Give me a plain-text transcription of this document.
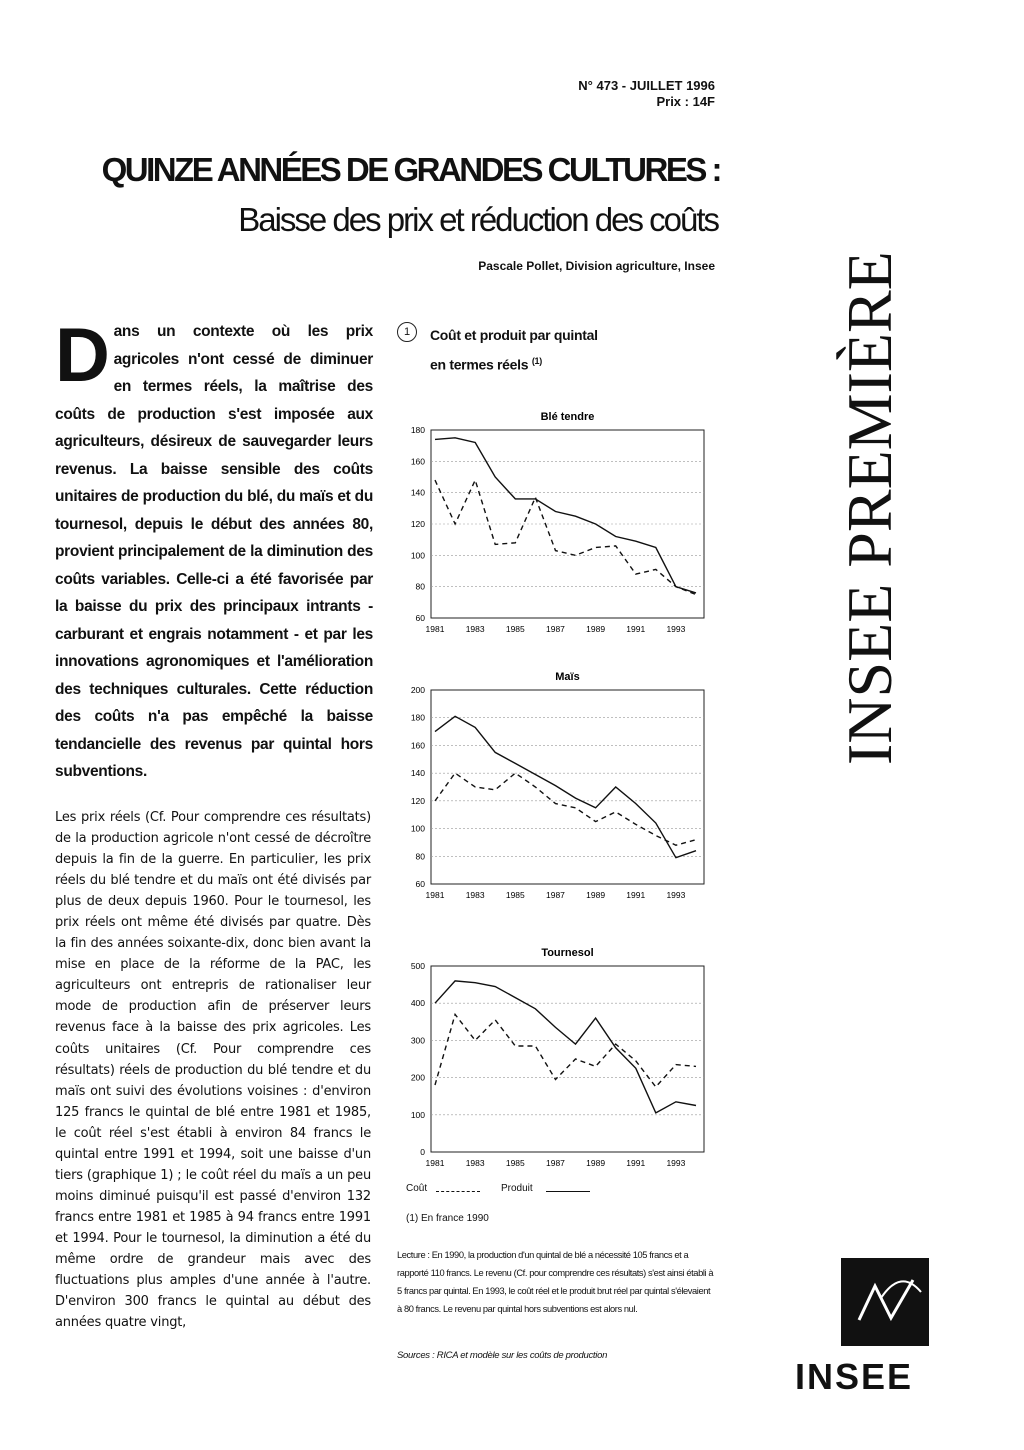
N° 473 - JUILLET 1996
Prix : 14F
QUINZE ANNÉES DE GRANDES CULTURES :
Baisse des prix et réduction des coûts
Pascale Pollet, Division agriculture, Insee
Dans un contexte où les prix agricoles n'ont cessé de diminuer en termes réels, la maîtrise des coûts de production s'est imposée aux agriculteurs, désireux de sauvegarder leurs revenus. La baisse sensible des coûts unitaires de production du blé, du maïs et du tournesol, depuis le début des années 80, provient principalement de la diminution des coûts variables. Celle-ci a été favorisée par la baisse du prix des principaux intrants - carburant et engrais notamment - et par les innovations agronomiques et l'amélioration des techniques culturales. Cette réduction des coûts n'a pas empêché la baisse tendancielle des revenus par quintal hors subventions.
Les prix réels (Cf. Pour comprendre ces résultats) de la production agricole n'ont cessé de décroître depuis la fin de la guerre. En particulier, les prix réels du blé tendre et du maïs ont été divisés par plus de deux depuis 1960. Pour le tournesol, les prix réels ont même été divisés par quatre. Dès la fin des années soixante-dix, donc bien avant la mise en place de la réforme de la PAC, les agriculteurs ont entrepris de rationaliser leur mode de production afin de préserver leurs revenus face à la baisse des prix agricoles. Les coûts unitaires (Cf. Pour comprendre ces résultats) réels de production du blé tendre et du maïs ont suivi des évolutions voisines : d'environ 125 francs le quintal de blé entre 1981 et 1985, le coût réel s'est établi à environ 84 francs le quintal entre 1991 et 1994, soit une baisse d'un tiers (graphique 1) ; le coût réel du maïs a un peu moins diminué puisqu'il est passé d'environ 132 francs entre 1981 et 1985 à 94 francs entre 1991 et 1994. Pour le tournesol, la diminution a été du même ordre de grandeur mais avec des fluctuations plus amples d'une année à l'autre. D'environ 300 francs le quintal au début des années quatre vingt,
1	Coût et produit par quintal
en termes réels $^{(1)}$
Blé tendre
60
80
100
120
140
160
180
1981 1983 1985 1987 1989 1991 1993
Maïs
60
80
100
120
140
160
180
200
1981 1983 1985 1987 1989 1991 1993
Tournesol
0
100
200
300
400
500
1981 1983 1985 1987 1989 1991 1993
Coût	Produit
(1) En france 1990
Lecture : En 1990, la production d'un quintal de blé a nécessité 105 francs et a rapporté 110 francs. Le revenu (Cf. pour comprendre ces résultats) s'est ainsi établi à 5 francs par quintal. En 1993, le coût réel et le produit brut réel par quintal s'élevaient à 80 francs. Le revenu par quintal hors subventions est alors nul.
Sources : RICA et modèle sur les coûts de production
INSEE PREMIÈRE
INSEE
